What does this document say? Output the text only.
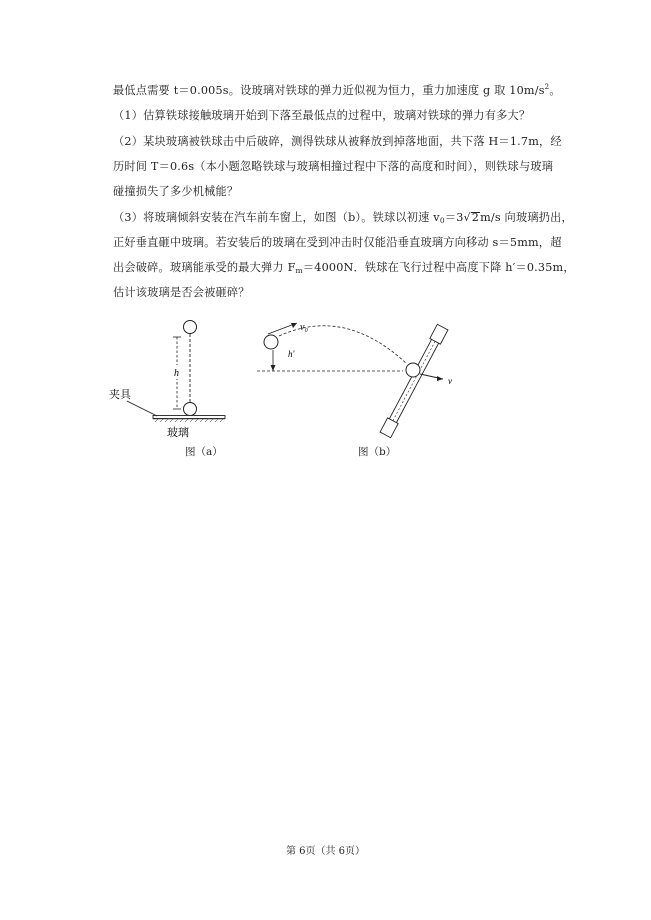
最低点需要 t＝0.005s。设玻璃对铁球的弹力近似视为恒力，重力加速度 g 取 $10m/s^2$。

（1）估算铁球接触玻璃开始到下落至最低点的过程中，玻璃对铁球的弹力有多大？

（2）某块玻璃被铁球击中后破碎，测得铁球从被释放到掉落地面，共下落 H＝1.7m，经
历时间 T＝0.6s（本小题忽略铁球与玻璃相撞过程中下落的高度和时间），则铁球与玻璃
碰撞损失了多少机械能？

（3）将玻璃倾斜安装在汽车前车窗上，如图（b）。铁球以初速 $v_0=3√2m/s$ 向玻璃扔出，
正好垂直砸中玻璃。若安装后的玻璃在受到冲击时仅能沿垂直玻璃方向移动 s＝5mm，超
出会破碎。玻璃能承受的最大弹力 $F_m=4000N$．铁球在飞行过程中高度下降 h′＝0.35m，
估计该玻璃是否会被砸碎？

h
夹具
玻璃
图（a）
v₀
h′
v
图（b）
第 6页（共 6页）
